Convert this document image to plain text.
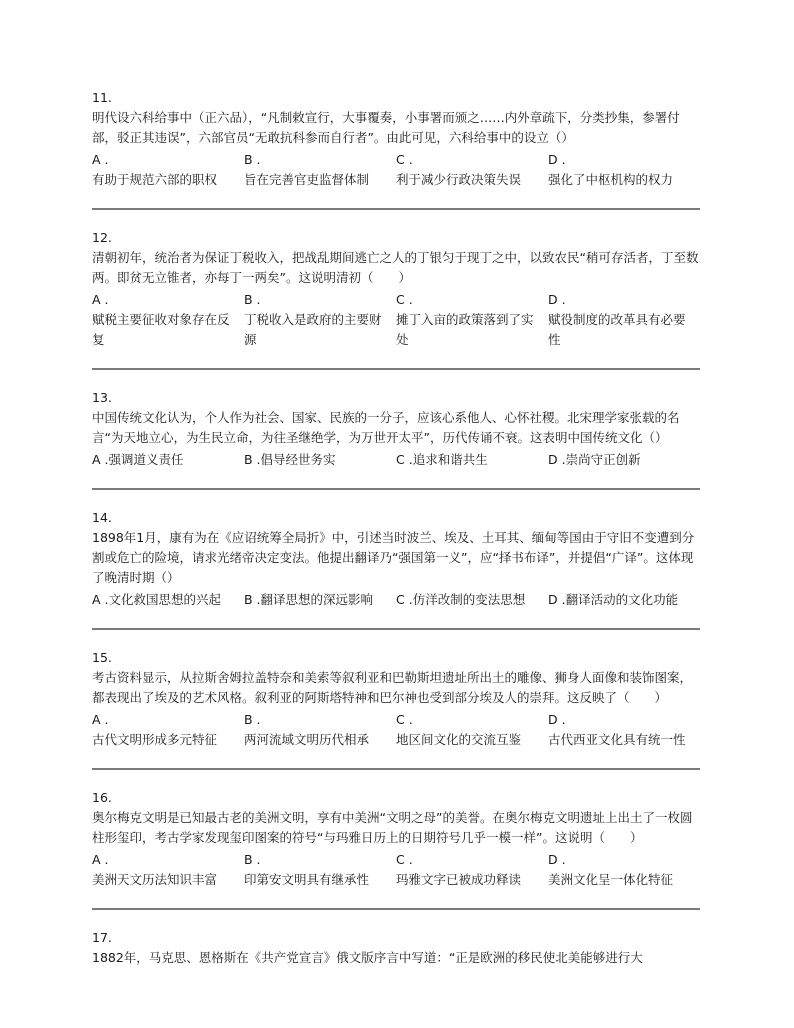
11.
明代设六科给事中（正六品），“凡制敕宣行，大事覆奏，小事署而颁之……内外章疏下，分类抄集，参署付部，驳正其违误”，六部官员“无敢抗科参而自行者”。由此可见，六科给事中的设立（）
A .
有助于规范六部的职权
B .
旨在完善官吏监督体制
C .
利于减少行政决策失误
D .
强化了中枢机构的权力
12.
清朝初年，统治者为保证丁税收入，把战乱期间逃亡之人的丁银匀于现丁之中，以致农民“稍可存活者，丁至数两。即贫无立锥者，亦每丁一两矣”。这说明清初（　　）
A .
赋税主要征收对象存在反复
B .
丁税收入是政府的主要财源
C .
摊丁入亩的政策落到了实处
D .
赋役制度的改革具有必要性
13.
中国传统文化认为，个人作为社会、国家、民族的一分子，应该心系他人、心怀社稷。北宋理学家张载的名言“为天地立心，为生民立命，为往圣继绝学，为万世开太平”，历代传诵不衰。这表明中国传统文化（）
A .强调道义责任	B .倡导经世务实	C .追求和谐共生	D .崇尚守正创新
14.
1898年1月，康有为在《应诏统筹全局折》中，引述当时波兰、埃及、土耳其、缅甸等国由于守旧不变遭到分割或危亡的险境，请求光绪帝决定变法。他提出翻译乃“强国第一义”，应“择书布译”，并提倡“广译”。这体现了晚清时期（）
A .文化救国思想的兴起	B .翻译思想的深远影响	C .仿洋改制的变法思想	D .翻译活动的文化功能
15.
考古资料显示，从拉斯舍姆拉盖特奈和美索等叙利亚和巴勒斯坦遗址所出土的雕像、狮身人面像和装饰图案，都表现出了埃及的艺术风格。叙利亚的阿斯塔特神和巴尔神也受到部分埃及人的崇拜。这反映了（　　）
A .
古代文明形成多元特征
B .
两河流域文明历代相承
C .
地区间文化的交流互鉴
D .
古代西亚文化具有统一性
16.
奥尔梅克文明是已知最古老的美洲文明，享有中美洲“文明之母”的美誉。在奥尔梅克文明遗址上出土了一枚圆柱形玺印，考古学家发现玺印图案的符号“与玛雅日历上的日期符号几乎一模一样”。这说明（　　）
A .
美洲天文历法知识丰富
B .
印第安文明具有继承性
C .
玛雅文字已被成功释读
D .
美洲文化呈一体化特征
17.
1882年，马克思、恩格斯在《共产党宣言》俄文版序言中写道：“正是欧洲的移民使北美能够进行大
